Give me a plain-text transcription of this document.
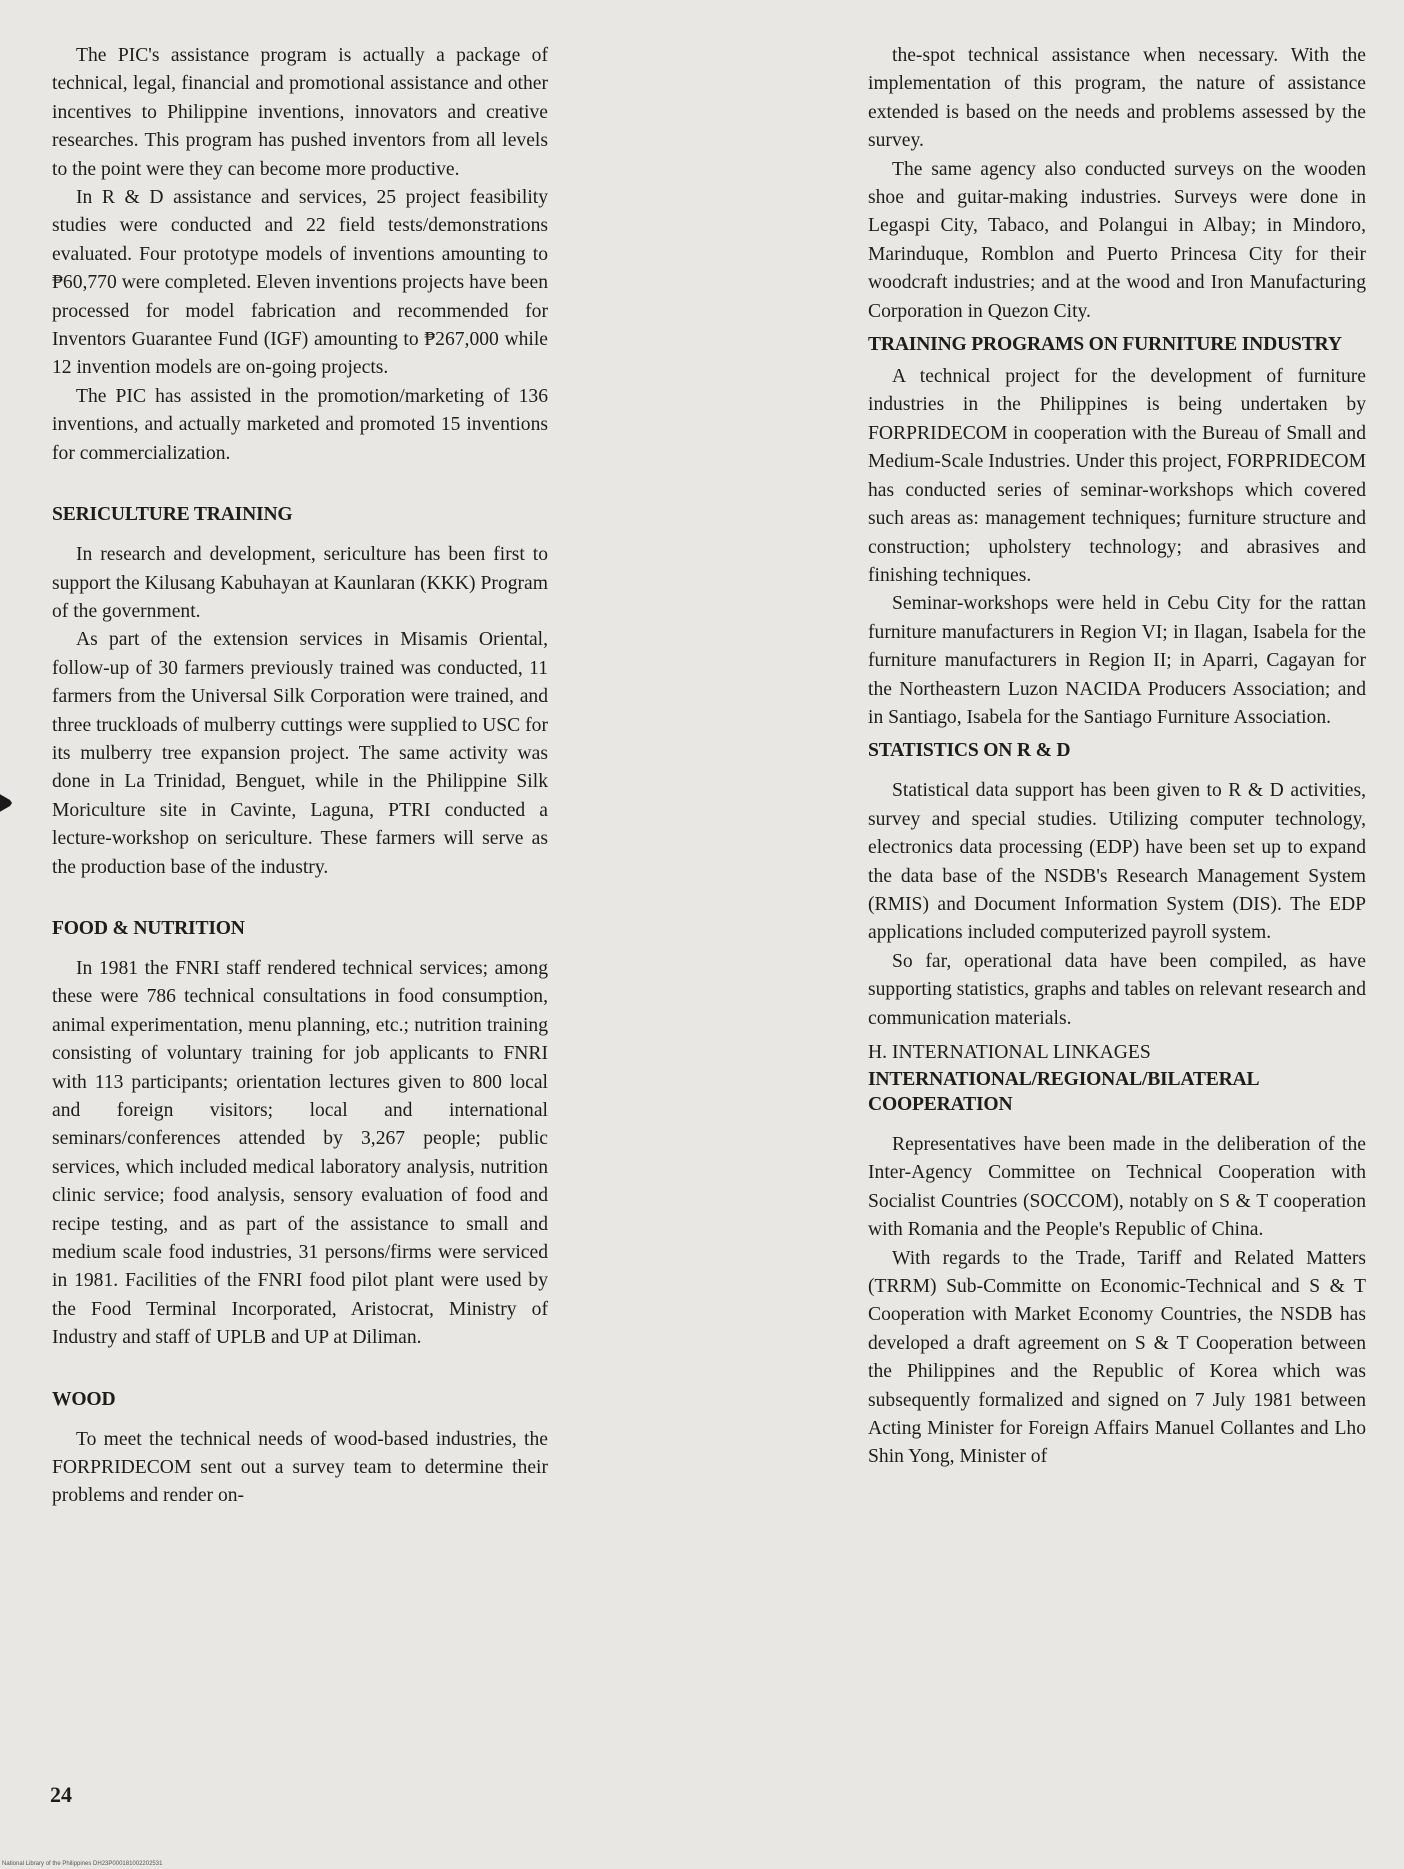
The PIC's assistance program is actually a package of technical, legal, financial and promotional assistance and other incentives to Philippine inventions, innovators and creative researches. This program has pushed inventors from all levels to the point were they can become more productive.

In R & D assistance and services, 25 project feasibility studies were conducted and 22 field tests/demonstrations evaluated. Four prototype models of inventions amounting to ₱60,770 were completed. Eleven inventions projects have been processed for model fabrication and recommended for Inventors Guarantee Fund (IGF) amounting to ₱267,000 while 12 invention models are on-going projects.

The PIC has assisted in the promotion/marketing of 136 inventions, and actually marketed and promoted 15 inventions for commercialization.

SERICULTURE TRAINING

In research and development, sericulture has been first to support the Kilusang Kabuhayan at Kaunlaran (KKK) Program of the government.

As part of the extension services in Misamis Oriental, follow-up of 30 farmers previously trained was conducted, 11 farmers from the Universal Silk Corporation were trained, and three truckloads of mulberry cuttings were supplied to USC for its mulberry tree expansion project. The same activity was done in La Trinidad, Benguet, while in the Philippine Silk Moriculture site in Cavinte, Laguna, PTRI conducted a lecture-workshop on sericulture. These farmers will serve as the production base of the industry.

FOOD & NUTRITION

In 1981 the FNRI staff rendered technical services; among these were 786 technical consultations in food consumption, animal experimentation, menu planning, etc.; nutrition training consisting of voluntary training for job applicants to FNRI with 113 participants; orientation lectures given to 800 local and foreign visitors; local and international seminars/conferences attended by 3,267 people; public services, which included medical laboratory analysis, nutrition clinic service; food analysis, sensory evaluation of food and recipe testing, and as part of the assistance to small and medium scale food industries, 31 persons/firms were serviced in 1981. Facilities of the FNRI food pilot plant were used by the Food Terminal Incorporated, Aristocrat, Ministry of Industry and staff of UPLB and UP at Diliman.

WOOD

To meet the technical needs of wood-based industries, the FORPRIDECOM sent out a survey team to determine their problems and render on-

the-spot technical assistance when necessary. With the implementation of this program, the nature of assistance extended is based on the needs and problems assessed by the survey.

The same agency also conducted surveys on the wooden shoe and guitar-making industries. Surveys were done in Legaspi City, Tabaco, and Polangui in Albay; in Mindoro, Marinduque, Romblon and Puerto Princesa City for their woodcraft industries; and at the wood and Iron Manufacturing Corporation in Quezon City.

TRAINING PROGRAMS ON FURNITURE INDUSTRY

A technical project for the development of furniture industries in the Philippines is being undertaken by FORPRIDECOM in cooperation with the Bureau of Small and Medium-Scale Industries. Under this project, FORPRIDECOM has conducted series of seminar-workshops which covered such areas as: management techniques; furniture structure and construction; upholstery technology; and abrasives and finishing techniques.

Seminar-workshops were held in Cebu City for the rattan furniture manufacturers in Region VI; in Ilagan, Isabela for the furniture manufacturers in Region II; in Aparri, Cagayan for the Northeastern Luzon NACIDA Producers Association; and in Santiago, Isabela for the Santiago Furniture Association.

STATISTICS ON R & D

Statistical data support has been given to R & D activities, survey and special studies. Utilizing computer technology, electronics data processing (EDP) have been set up to expand the data base of the NSDB's Research Management System (RMIS) and Document Information System (DIS). The EDP applications included computerized payroll system.

So far, operational data have been compiled, as have supporting statistics, graphs and tables on relevant research and communication materials.

H. INTERNATIONAL LINKAGES
INTERNATIONAL/REGIONAL/BILATERAL COOPERATION

Representatives have been made in the deliberation of the Inter-Agency Committee on Technical Cooperation with Socialist Countries (SOCCOM), notably on S & T cooperation with Romania and the People's Republic of China.

With regards to the Trade, Tariff and Related Matters (TRRM) Sub-Committe on Economic-Technical and S & T Cooperation with Market Economy Countries, the NSDB has developed a draft agreement on S & T Cooperation between the Philippines and the Republic of Korea which was subsequently formalized and signed on 7 July 1981 between Acting Minister for Foreign Affairs Manuel Collantes and Lho Shin Yong, Minister of

24
National Library of the Philippines DH23P000181002202531
